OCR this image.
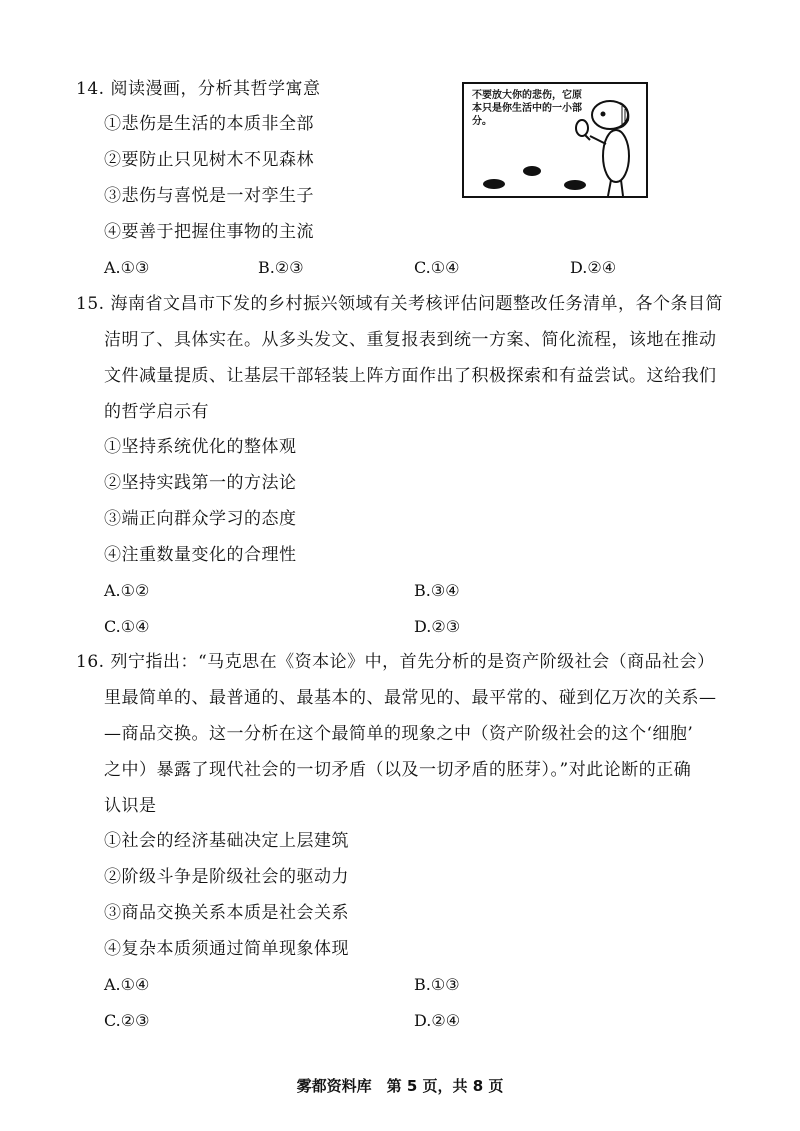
14. 阅读漫画，分析其哲学寓意
①悲伤是生活的本质非全部
②要防止只见树木不见森林
③悲伤与喜悦是一对孪生子
④要善于把握住事物的主流
A.①③	B.②③	C.①④	D.②④
不要放大你的悲伤，它原本只是你生活中的一小部分。
15. 海南省文昌市下发的乡村振兴领域有关考核评估问题整改任务清单，各个条目简
洁明了、具体实在。从多头发文、重复报表到统一方案、简化流程，该地在推动
文件减量提质、让基层干部轻装上阵方面作出了积极探索和有益尝试。这给我们
的哲学启示有
①坚持系统优化的整体观
②坚持实践第一的方法论
③端正向群众学习的态度
④注重数量变化的合理性
A.①②	B.③④
C.①④	D.②③
16. 列宁指出：“马克思在《资本论》中，首先分析的是资产阶级社会（商品社会）
里最简单的、最普通的、最基本的、最常见的、最平常的、碰到亿万次的关系—
—商品交换。这一分析在这个最简单的现象之中（资产阶级社会的这个‘细胞’
之中）暴露了现代社会的一切矛盾（以及一切矛盾的胚芽）。”对此论断的正确
认识是
①社会的经济基础决定上层建筑
②阶级斗争是阶级社会的驱动力
③商品交换关系本质是社会关系
④复杂本质须通过简单现象体现
A.①④	B.①③
C.②③	D.②④
雾都资料库　第 5 页，共 8 页
